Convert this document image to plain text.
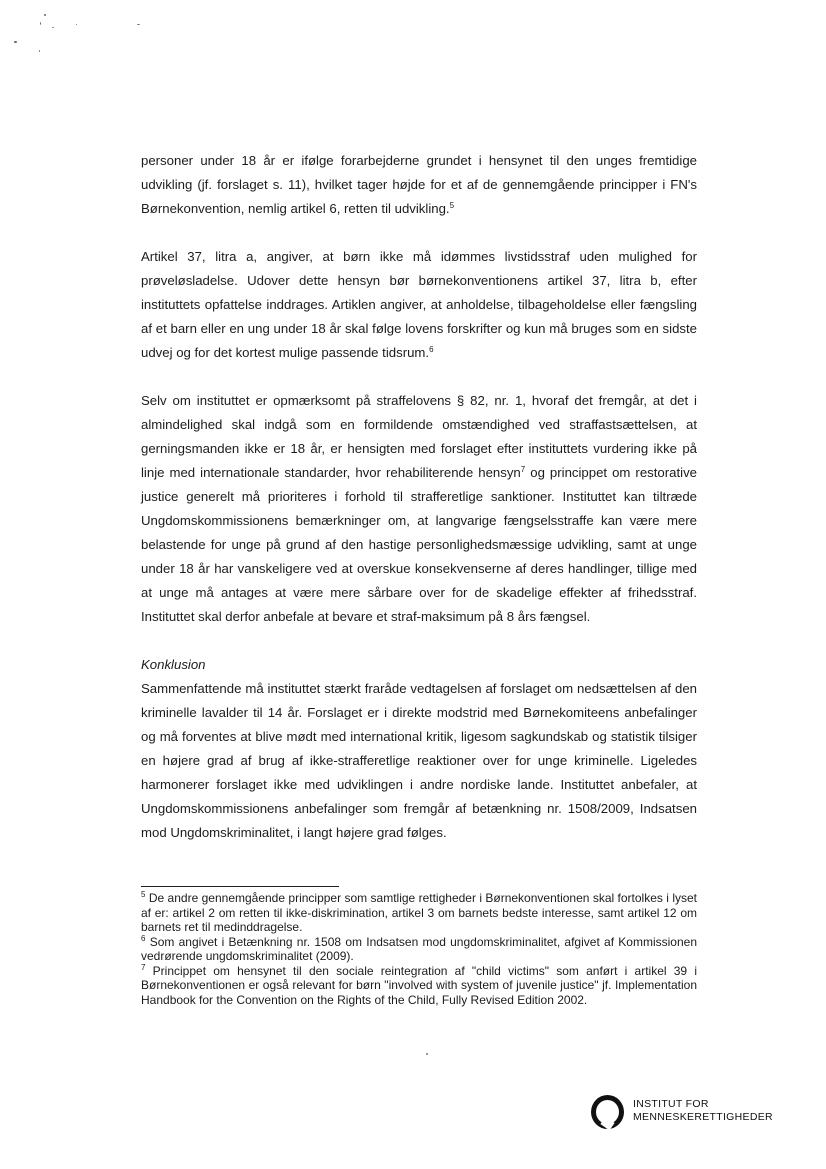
personer under 18 år er ifølge forarbejderne grundet i hensynet til den unges fremtidige udvikling (jf. forslaget s. 11), hvilket tager højde for et af de gennemgående principper i FN's Børnekonvention, nemlig artikel 6, retten til udvikling.$^5$

Artikel 37, litra a, angiver, at børn ikke må idømmes livstidsstraf uden mulighed for prøveløsladelse. Udover dette hensyn bør børnekonventionens artikel 37, litra b, efter instituttets opfattelse inddrages. Artiklen angiver, at anholdelse, tilbageholdelse eller fængsling af et barn eller en ung under 18 år skal følge lovens forskrifter og kun må bruges som en sidste udvej og for det kortest mulige passende tidsrum.$^6$

Selv om instituttet er opmærksomt på straffelovens § 82, nr. 1, hvoraf det fremgår, at det i almindelighed skal indgå som en formildende omstændighed ved straffastsættelsen, at gerningsmanden ikke er 18 år, er hensigten med forslaget efter instituttets vurdering ikke på linje med internationale standarder, hvor rehabiliterende hensyn$^7$ og princippet om restorative justice generelt må prioriteres i forhold til strafferetlige sanktioner. Instituttet kan tiltræde Ungdomskommissionens bemærkninger om, at langvarige fængselsstraffe kan være mere belastende for unge på grund af den hastige personlighedsmæssige udvikling, samt at unge under 18 år har vanskeligere ved at overskue konsekvenserne af deres handlinger, tillige med at unge må antages at være mere sårbare over for de skadelige effekter af frihedsstraf. Instituttet skal derfor anbefale at bevare et straf-maksimum på 8 års fængsel.

Konklusion

Sammenfattende må instituttet stærkt fraråde vedtagelsen af forslaget om nedsættelsen af den kriminelle lavalder til 14 år. Forslaget er i direkte modstrid med Børnekomiteens anbefalinger og må forventes at blive mødt med international kritik, ligesom sagkundskab og statistik tilsiger en højere grad af brug af ikke-strafferetlige reaktioner over for unge kriminelle. Ligeledes harmonerer forslaget ikke med udviklingen i andre nordiske lande. Instituttet anbefaler, at Ungdomskommissionens anbefalinger som fremgår af betænkning nr. 1508/2009, Indsatsen mod Ungdomskriminalitet, i langt højere grad følges.

$^5$ De andre gennemgående principper som samtlige rettigheder i Børnekonventionen skal fortolkes i lyset af er: artikel 2 om retten til ikke-diskrimination, artikel 3 om barnets bedste interesse, samt artikel 12 om barnets ret til medinddragelse.

$^6$ Som angivet i Betænkning nr. 1508 om Indsatsen mod ungdomskriminalitet, afgivet af Kommissionen vedrørende ungdomskriminalitet (2009).

$^7$ Princippet om hensynet til den sociale reintegration af "child victims" som anført i artikel 39 i Børnekonventionen er også relevant for børn "involved with system of juvenile justice" jf. Implementation Handbook for the Convention on the Rights of the Child, Fully Revised Edition 2002.

INSTITUT FOR
MENNESKERETTIGHEDER
